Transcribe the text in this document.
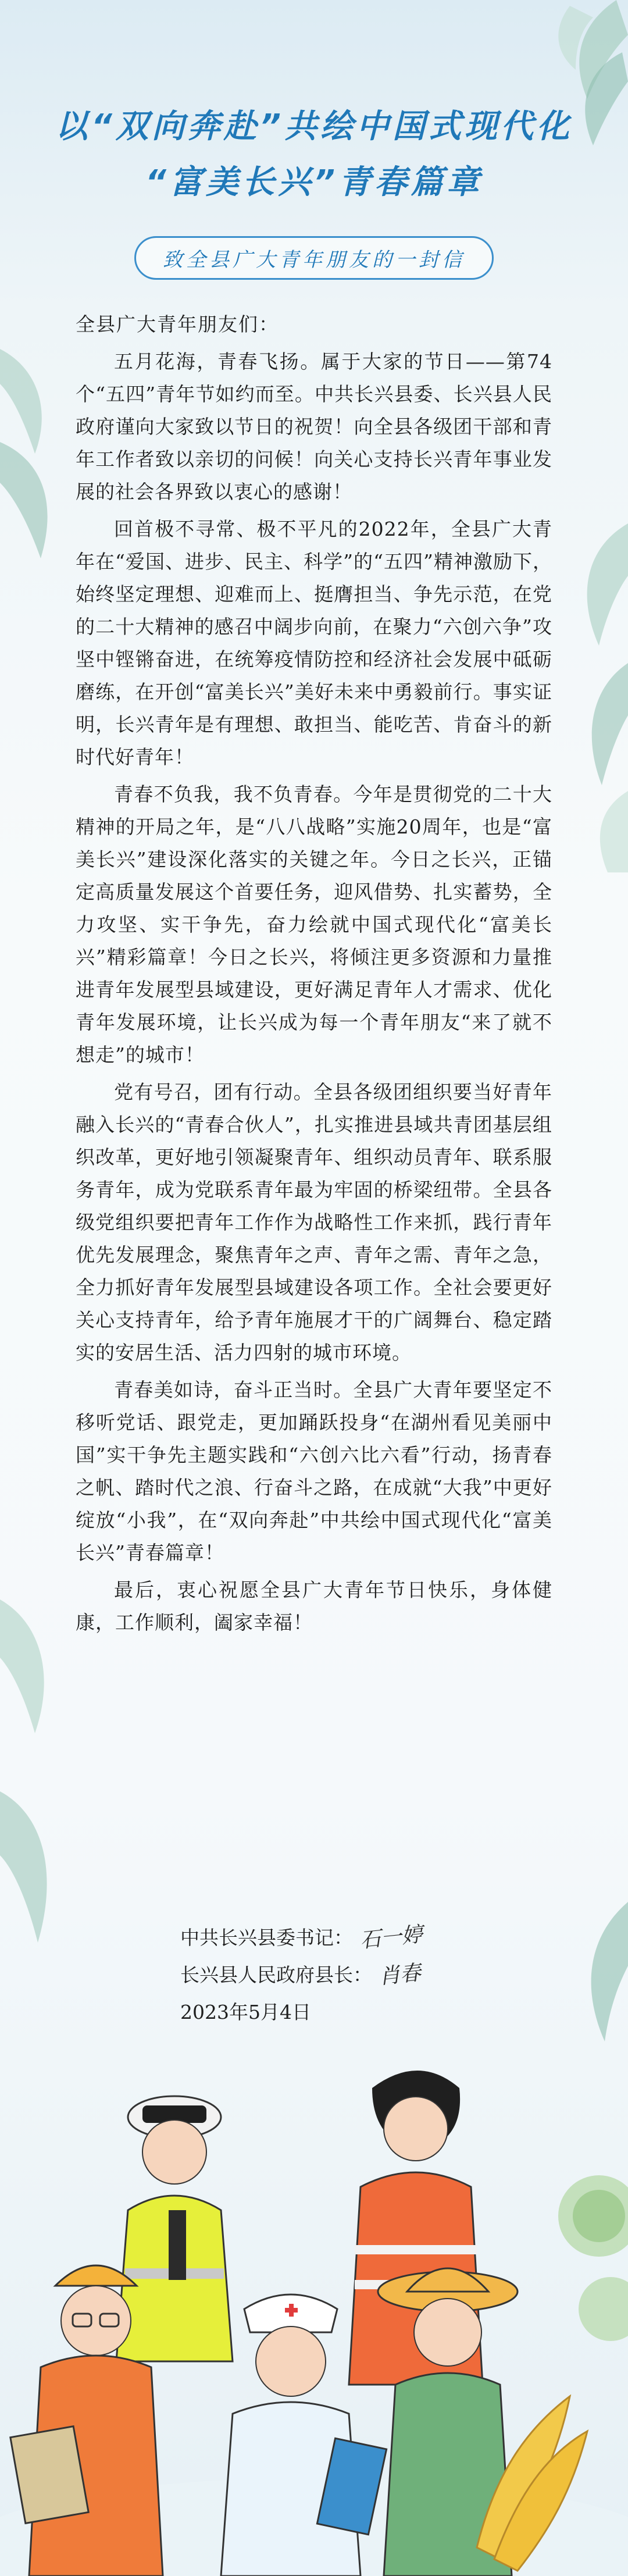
以“双向奔赴”共绘中国式现代化
“富美长兴”青春篇章
致全县广大青年朋友的一封信

全县广大青年朋友们：

五月花海，青春飞扬。属于大家的节日——第74个“五四”青年节如约而至。中共长兴县委、长兴县人民政府谨向大家致以节日的祝贺！向全县各级团干部和青年工作者致以亲切的问候！向关心支持长兴青年事业发展的社会各界致以衷心的感谢！

回首极不寻常、极不平凡的2022年，全县广大青年在“爱国、进步、民主、科学”的“五四”精神激励下，始终坚定理想、迎难而上、挺膺担当、争先示范，在党的二十大精神的感召中阔步向前，在聚力“六创六争”攻坚中铿锵奋进，在统筹疫情防控和经济社会发展中砥砺磨练，在开创“富美长兴”美好未来中勇毅前行。事实证明，长兴青年是有理想、敢担当、能吃苦、肯奋斗的新时代好青年！

青春不负我，我不负青春。今年是贯彻党的二十大精神的开局之年，是“八八战略”实施20周年，也是“富美长兴”建设深化落实的关键之年。今日之长兴，正锚定高质量发展这个首要任务，迎风借势、扎实蓄势，全力攻坚、实干争先，奋力绘就中国式现代化“富美长兴”精彩篇章！今日之长兴，将倾注更多资源和力量推进青年发展型县域建设，更好满足青年人才需求、优化青年发展环境，让长兴成为每一个青年朋友“来了就不想走”的城市！

党有号召，团有行动。全县各级团组织要当好青年融入长兴的“青春合伙人”，扎实推进县域共青团基层组织改革，更好地引领凝聚青年、组织动员青年、联系服务青年，成为党联系青年最为牢固的桥梁纽带。全县各级党组织要把青年工作作为战略性工作来抓，践行青年优先发展理念，聚焦青年之声、青年之需、青年之急，全力抓好青年发展型县域建设各项工作。全社会要更好关心支持青年，给予青年施展才干的广阔舞台、稳定踏实的安居生活、活力四射的城市环境。

青春美如诗，奋斗正当时。全县广大青年要坚定不移听党话、跟党走，更加踊跃投身“在湖州看见美丽中国”实干争先主题实践和“六创六比六看”行动，扬青春之帆、踏时代之浪、行奋斗之路，在成就“大我”中更好绽放“小我”，在“双向奔赴”中共绘中国式现代化“富美长兴”青春篇章！

最后，衷心祝愿全县广大青年节日快乐，身体健康，工作顺利，阖家幸福！

中共长兴县委书记： 石一婷
长兴县人民政府县长： 肖春
2023年5月4日
